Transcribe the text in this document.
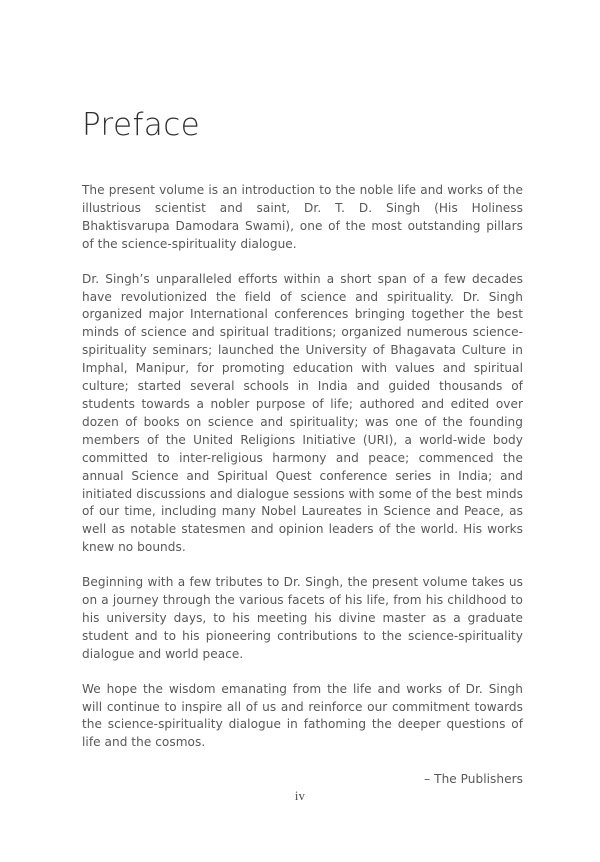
Preface

The present volume is an introduction to the noble life and works of the illustrious scientist and saint, Dr. T. D. Singh (His Holiness Bhaktisvarupa Damodara Swami), one of the most outstanding pillars of the science-spirituality dialogue.

Dr. Singh’s unparalleled efforts within a short span of a few decades have revolutionized the field of science and spirituality. Dr. Singh organized major International conferences bringing together the best minds of science and spiritual traditions; organized numerous science-spirituality seminars; launched the University of Bhagavata Culture in Imphal, Manipur, for promoting education with values and spiritual culture; started several schools in India and guided thousands of students towards a nobler purpose of life; authored and edited over dozen of books on science and spirituality; was one of the founding members of the United Religions Initiative (URI), a world-wide body committed to inter-religious harmony and peace; commenced the annual Science and Spiritual Quest conference series in India; and initiated discussions and dialogue sessions with some of the best minds of our time, including many Nobel Laureates in Science and Peace, as well as notable statesmen and opinion leaders of the world. His works knew no bounds.

Beginning with a few tributes to Dr. Singh, the present volume takes us on a journey through the various facets of his life, from his childhood to his university days, to his meeting his divine master as a graduate student and to his pioneering contributions to the science-spirituality dialogue and world peace.

We hope the wisdom emanating from the life and works of Dr. Singh will continue to inspire all of us and reinforce our commitment towards the science-spirituality dialogue in fathoming the deeper questions of life and the cosmos.

– The Publishers
iv
